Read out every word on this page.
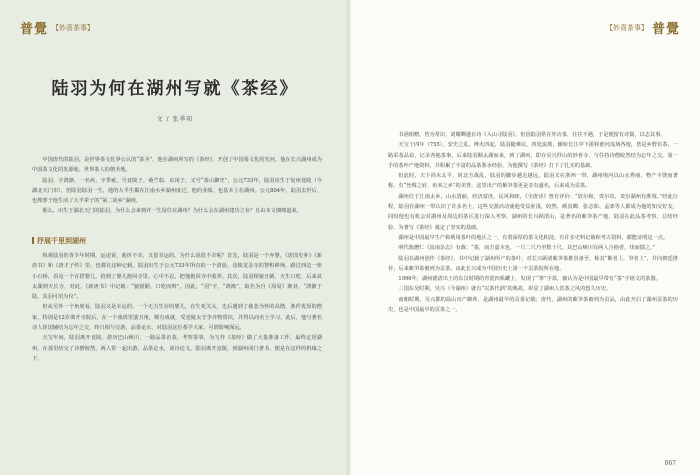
普覺 【妙喜茶事】
陆羽为何在湖州写就《茶经》
文 / 张季阳

中国唐代的陆羽，是世界茶文化界公认的“茶圣”，他在湖州所写的《茶经》，开创了中国茶文化的先河。他在长兴湖州成为中国茶文化的发源地、世界茶人的朝圣地。

陆羽，字鸿渐，一名疾，字季疵，号竟陵子、桑苎翁、东冈子，又号“茶山御史”，公元733年，陆羽出生于复州竟陵（今湖北天门市）。但陆羽陆羽一生，他的大半生都在江南水乡湖州度过，他的业绩、也基本上在湖州。公元804年，陆羽去世后，也埋葬于他生活了大半辈子的“第二故乡”湖州。

那么，出生于湖北天门的陆羽，为什么会来到并一生留住在湖州？为什么会在湖州建功立业？且由本文细细道来。

抒展千里到湖州

纵观陆羽的青少年时期，运途说，曲折不幸，又很幸运的。为什么说很不幸呢？首先，陆羽是一个弃婴，《唐国史补》《新唐书》和《唐才子传》里，也都有这种记载，陆羽出生于公元733年所有的一个清晨，竟陵龙盖寺的智积禅师，路过西边一座小石桥，看见一个在搭婴儿，拾到了婴儿抱回寺里。心中不忍，把他抱回寺中收养。其次，陆羽相貌丑陋，天生口吃，后来从太湖到天长寺，对此，《新唐书》中记载：“貌寝陋，口吃而辩”。因此，“羽”字，“鸿渐”，取名为自《周易》渐卦，“鸿渐于陆，其羽可用为仪”。

但从另外一个角度看，陆羽又是幸运的。一个无力生存的婴儿，在生死关头，先后遇到了慈悲为怀的高僧、条件优厚的僧家，特别是12岁离开寺院后，在一个戏班里演丑角，颇有成就，受竟陵太守李齐物赏识，并得以向名士学习。此后，他与著名诗人崔国辅结为忘年之交，终日相与交游，品茶论水，对陆羽这位茶学大家，可谓影响深远。

天宝年间，陆羽离开竟陵，游历巴山峡川，一路品茶访茶，考察茶事，为写作《茶经》做了大量准备工作，最终定居湖州，在那里结交了诗僧皎然，两人常一起出游，品茶论水，谈诗论文。陆羽离开竟陵，到湖州闭门著书，便是在这样的机缘之下。

【妙喜茶事】 普覺

书函相赠，皆为常识，刘耀卿遂有诗《入山寻陆羽》，但因陆羽常在外访茶，往往不遇，于是便留有诗篇，以志其事。

天宝十四年（755），安史之乱，烽火四起，陆羽随难民，四处流离，辗转长江中下游和淮河流域各地，皆是乡野访茶，一路采茶品泉，记录各地茶事。后来陆羽顺太湖而来，到了湖州，即在吴兴杼山的妙喜寺，与住持诗僧皎然结为忘年之交。第一手的茶叶产地资料，并积累了丰富的品茶鉴水经验，为他撰写《茶经》打下了扎实的基础。

但此时，天下尚未太平，时北方战乱，陆羽的脚步越走越远，陆羽又在浙西一带，湖州境内以山水秀丽、物产丰饶而著称，有“丝绸之府、鱼米之乡”的美誉，这里出产的紫笋茶更是享有盛名，后来成为贡茶。

湖州位于江南太乡，山水清丽，经济富庶，民风和睦，《全唐诗》曾有评价：“放尔和，贵尔出，贵尔湖州有胜境。”经此行程，陆羽在湖州一带认识了许多名士，这些交游活动使他受益匪浅，皎然、颜真卿、张志和、孟郊等人都成为他的知交好友，同时他也有机会对湖州及周边的茶区进行深入考察。湖州的长兴顾渚山，是著名的紫笋茶产地，陆羽在此品茶考察，总结经验，为著写《茶经》奠定了坚实的基础。

湖州是中国最早生产和利用茶叶的地区之一，有着深厚的茶文化积淀。有许多史料记载和考古资料，都能证明这一点。

明代陈懋仁《泉南杂志》有载：“茶，南方嘉木也，一尺二尺乃至数十尺。其巴山峡川有两人合抱者，伐而掇之。”

陆羽在湖州创作《茶经》，书中记载了湖州所产的茶叶，对长兴顾渚紫笋茶推崇备至，称其“紫者上，笋者上”，并向朝廷推荐，后来紫笋茶被列为贡茶，由此长兴成为中国历史上第一个贡茶院所在地。

1996年，湖州德清出土的东汉时期的青瓷四系罐上，发现了“荼”字款，被认为是中国最早带有“茶”字铭文的茶器。

三国东吴时期，吴兴（今湖州）就有“以茶代酒”的典故，彰显了湖州人饮茶之风的悠久历史。

南朝时期，吴兴郡的温山出产御荈，是湖州最早的贡茶记载；唐代，湖州的紫笋茶被列为贡品，由此开启了湖州贡茶的历史，也是中国最早的贡茶之一。

067
